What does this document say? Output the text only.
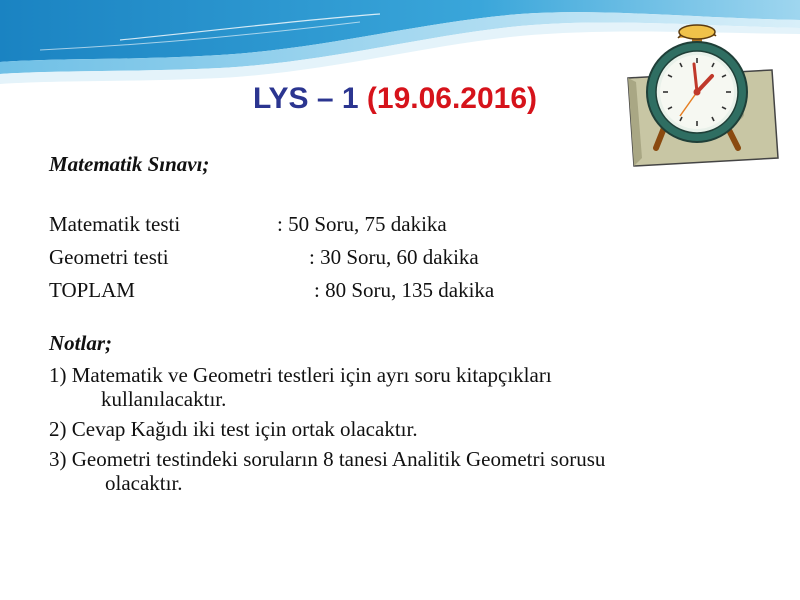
LYS – 1 (19.06.2016)
Matematik Sınavı;
Matematik testi	: 50 Soru, 75 dakika
Geometri testi	: 30 Soru, 60 dakika
TOPLAM	: 80 Soru, 135 dakika
Notlar;

1) Matematik ve Geometri testleri için ayrı soru kitapçıkları
kullanılacaktır.

2) Cevap Kağıdı iki test için ortak olacaktır.

3) Geometri testindeki soruların 8 tanesi Analitik Geometri sorusu
olacaktır.
